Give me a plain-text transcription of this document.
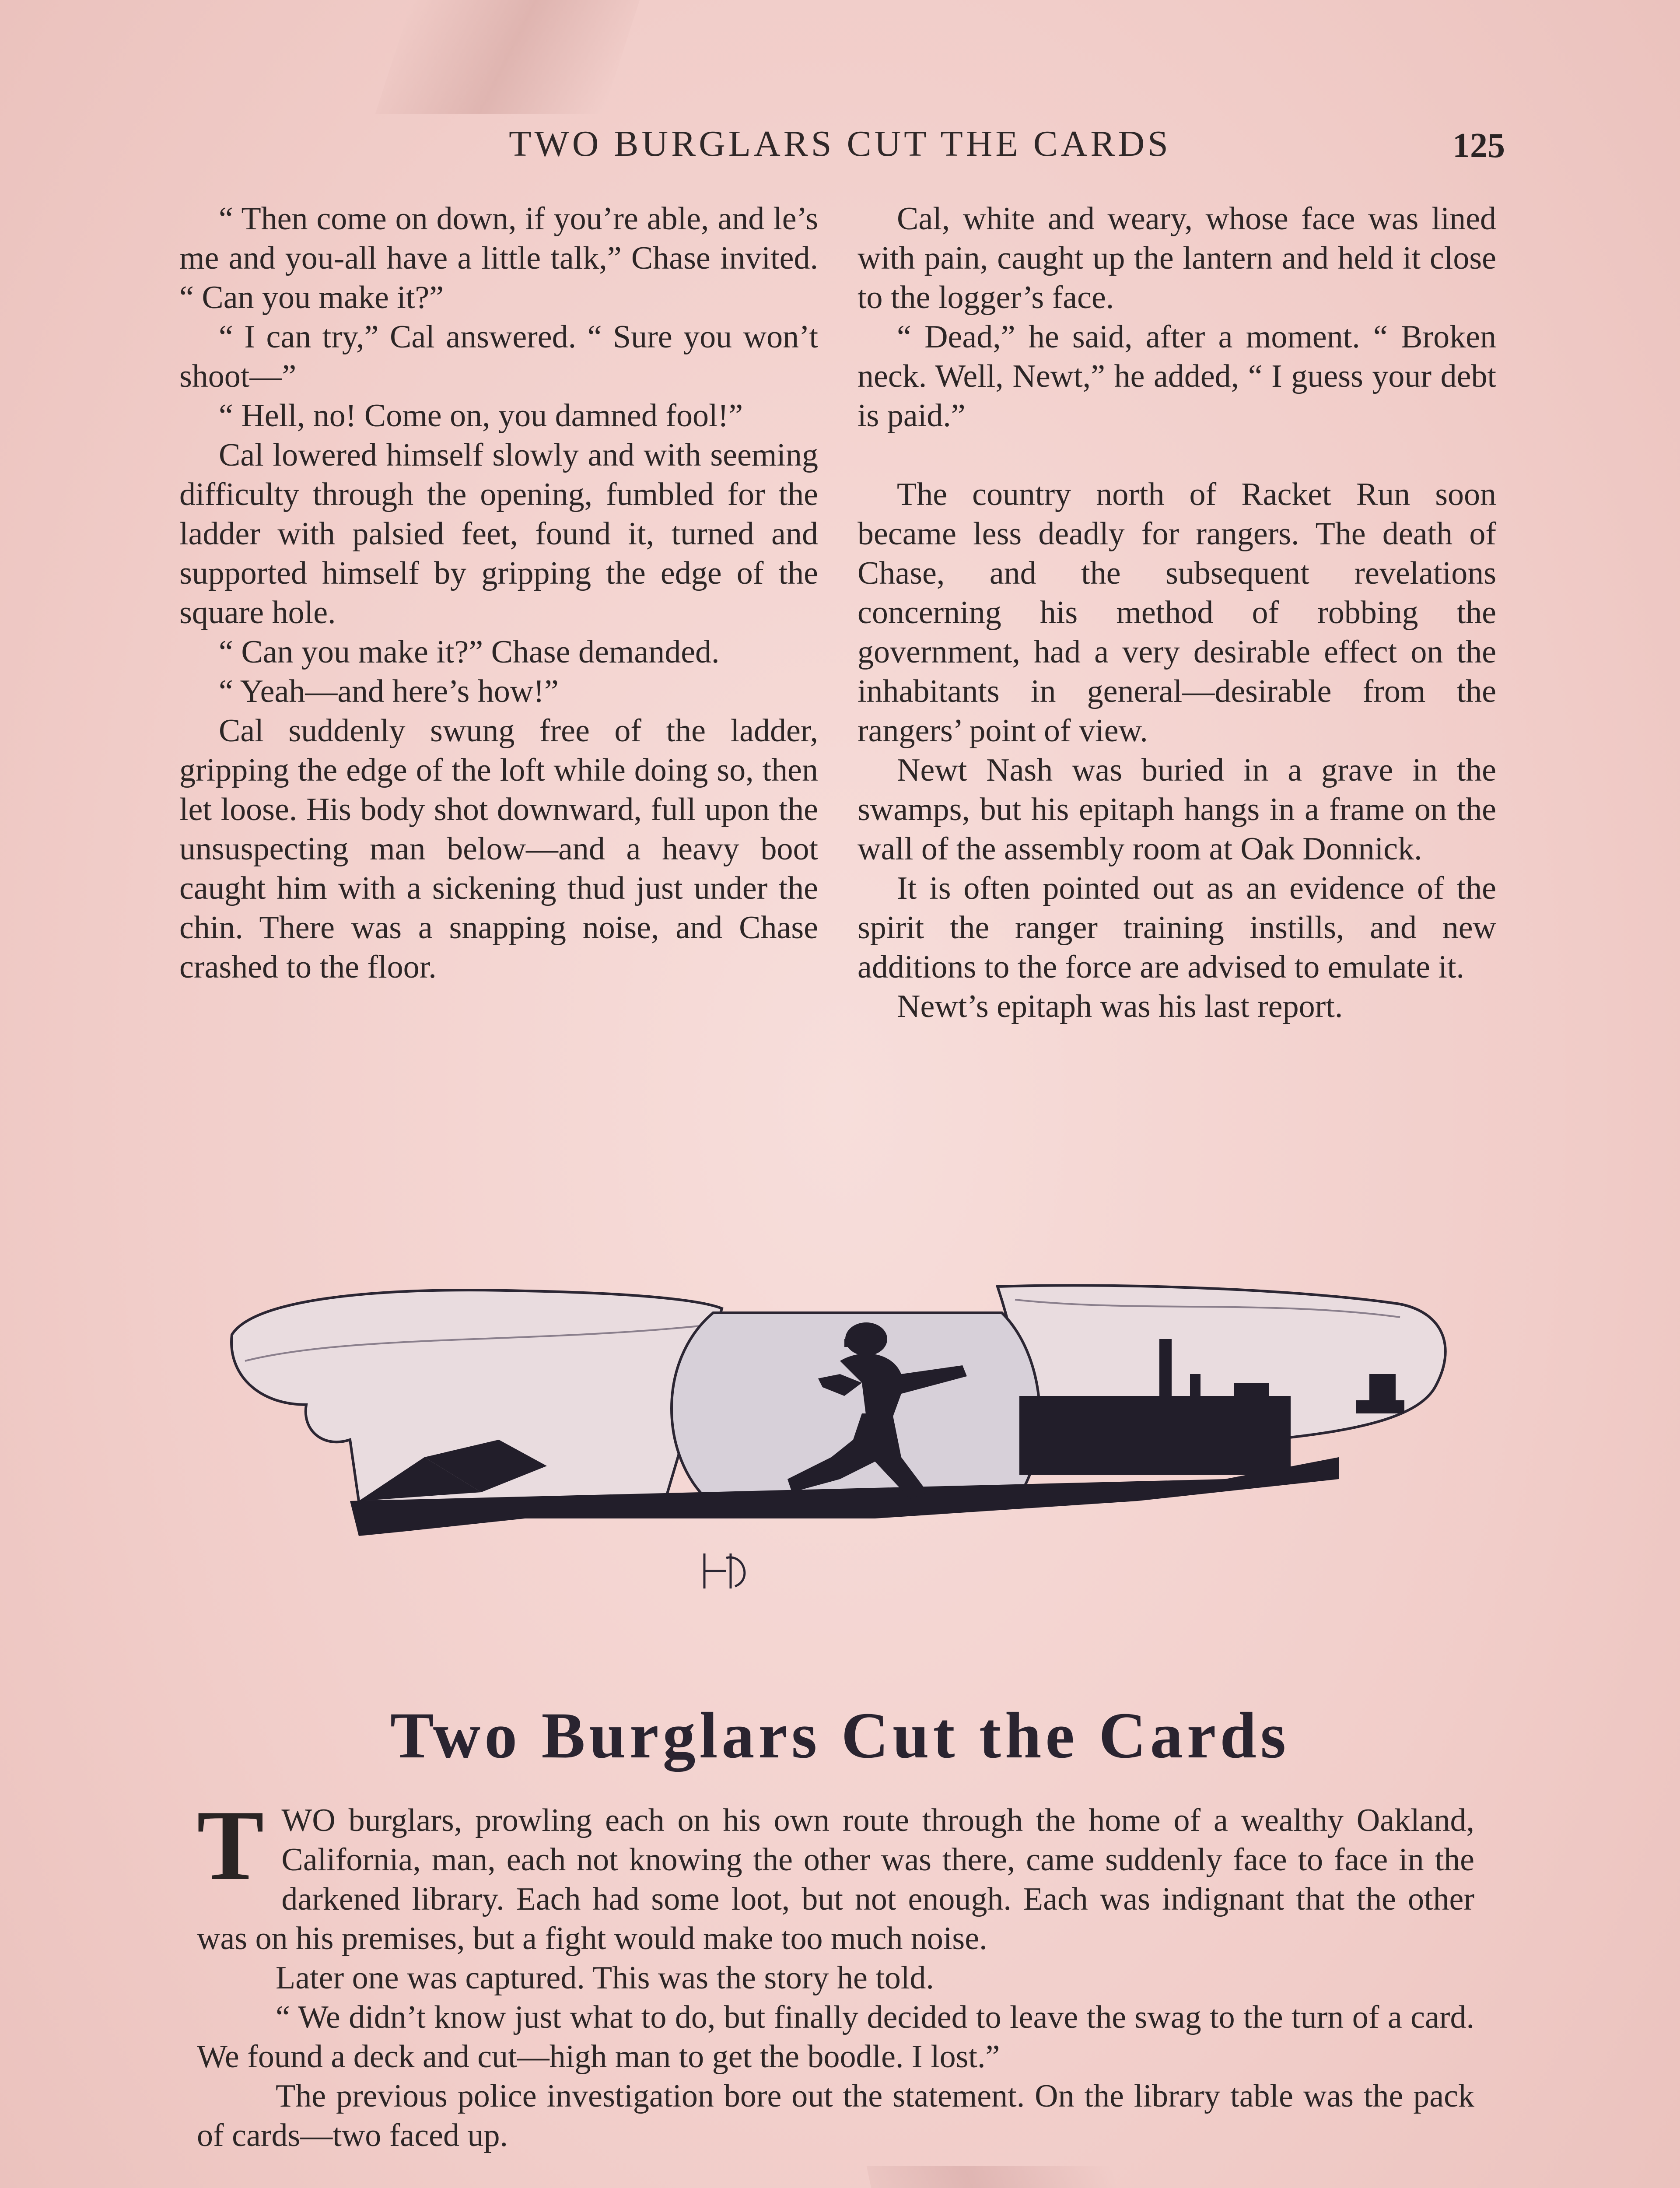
TWO BURGLARS CUT THE CARDS	125

“ Then come on down, if you’re able, and le’s me and you-all have a little talk,” Chase invited. “ Can you make it?”

“ I can try,” Cal answered. “ Sure you won’t shoot—”

“ Hell, no! Come on, you damned fool!”

Cal lowered himself slowly and with seeming difficulty through the opening, fumbled for the ladder with palsied feet, found it, turned and supported himself by gripping the edge of the square hole.

“ Can you make it?” Chase demanded.

“ Yeah—and here’s how!”

Cal suddenly swung free of the ladder, gripping the edge of the loft while doing so, then let loose. His body shot downward, full upon the unsuspecting man below—and a heavy boot caught him with a sickening thud just under the chin. There was a snapping noise, and Chase crashed to the floor.

Cal, white and weary, whose face was lined with pain, caught up the lantern and held it close to the logger’s face.

“ Dead,” he said, after a moment. “ Broken neck. Well, Newt,” he added, “ I guess your debt is paid.”

The country north of Racket Run soon became less deadly for rangers. The death of Chase, and the subsequent revelations concerning his method of robbing the government, had a very desirable effect on the inhabitants in general—desirable from the rangers’ point of view.

Newt Nash was buried in a grave in the swamps, but his epitaph hangs in a frame on the wall of the assembly room at Oak Donnick.

It is often pointed out as an evidence of the spirit the ranger training instills, and new additions to the force are advised to emulate it.

Newt’s epitaph was his last report.

Two Burglars Cut the Cards

TWO burglars, prowling each on his own route through the home of a wealthy Oakland, California, man, each not knowing the other was there, came suddenly face to face in the darkened library. Each had some loot, but not enough. Each was indignant that the other was on his premises, but a fight would make too much noise.

Later one was captured. This was the story he told.

“ We didn’t know just what to do, but finally decided to leave the swag to the turn of a card. We found a deck and cut—high man to get the boodle. I lost.”

The previous police investigation bore out the statement. On the library table was the pack of cards—two faced up.
